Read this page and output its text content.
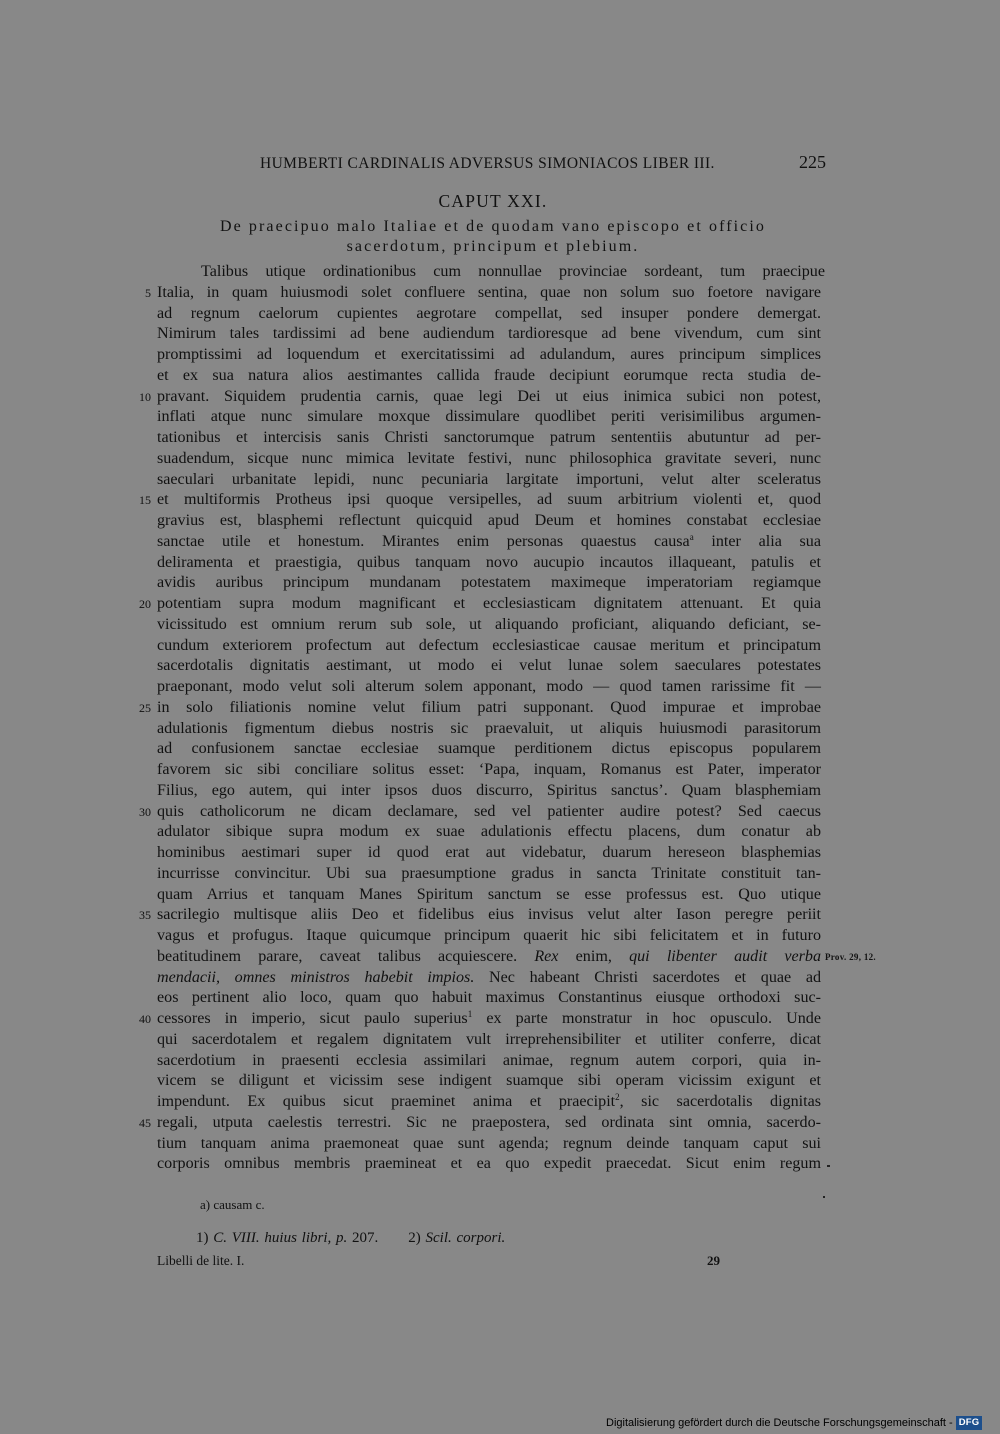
HUMBERTI CARDINALIS ADVERSUS SIMONIACOS LIBER III.	225
CAPUT XXI.
De praecipuo malo Italiae et de quodam vano episcopo et officio
sacerdotum, principum et plebium.
Talibus utique ordinationibus cum nonnullae provinciae sordeant, tum praecipue
5 Italia, in quam huiusmodi solet confluere sentina, quae non solum suo foetore navigare
ad regnum caelorum cupientes aegrotare compellat, sed insuper pondere demergat.
Nimirum tales tardissimi ad bene audiendum tardioresque ad bene vivendum, cum sint
promptissimi ad loquendum et exercitatissimi ad adulandum, aures principum simplices
et ex sua natura alios aestimantes callida fraude decipiunt eorumque recta studia de-
10 pravant. Siquidem prudentia carnis, quae legi Dei ut eius inimica subici non potest,
inflati atque nunc simulare moxque dissimulare quodlibet periti verisimilibus argumen-
tationibus et intercisis sanis Christi sanctorumque patrum sententiis abutuntur ad per-
suadendum, sicque nunc mimica levitate festivi, nunc philosophica gravitate severi, nunc
saeculari urbanitate lepidi, nunc pecuniaria largitate importuni, velut alter sceleratus
15 et multiformis Protheus ipsi quoque versipelles, ad suum arbitrium violenti et, quod
gravius est, blasphemi reflectunt quicquid apud Deum et homines constabat ecclesiae
sanctae utile et honestum. Mirantes enim personas quaestus causa$^a$ inter alia sua
deliramenta et praestigia, quibus tanquam novo aucupio incautos illaqueant, patulis et
avidis auribus principum mundanam potestatem maximeque imperatoriam regiamque
20 potentiam supra modum magnificant et ecclesiasticam dignitatem attenuant. Et quia
vicissitudo est omnium rerum sub sole, ut aliquando proficiant, aliquando deficiant, se-
cundum exteriorem profectum aut defectum ecclesiasticae causae meritum et principatum
sacerdotalis dignitatis aestimant, ut modo ei velut lunae solem saeculares potestates
praeponant, modo velut soli alterum solem apponant, modo — quod tamen rarissime fit —
25 in solo filiationis nomine velut filium patri supponant. Quod impurae et improbae
adulationis figmentum diebus nostris sic praevaluit, ut aliquis huiusmodi parasitorum
ad confusionem sanctae ecclesiae suamque perditionem dictus episcopus popularem
favorem sic sibi conciliare solitus esset: ‘Papa, inquam, Romanus est Pater, imperator
Filius, ego autem, qui inter ipsos duos discurro, Spiritus sanctus’. Quam blasphemiam
30 quis catholicorum ne dicam declamare, sed vel patienter audire potest? Sed caecus
adulator sibique supra modum ex suae adulationis effectu placens, dum conatur ab
hominibus aestimari super id quod erat aut videbatur, duarum hereseon blasphemias
incurrisse convincitur. Ubi sua praesumptione gradus in sancta Trinitate constituit tan-
quam Arrius et tanquam Manes Spiritum sanctum se esse professus est. Quo utique
35 sacrilegio multisque aliis Deo et fidelibus eius invisus velut alter Iason peregre periit
vagus et profugus. Itaque quicumque principum quaerit hic sibi felicitatem et in futuro
beatitudinem parare, caveat talibus acquiescere. Rex enim, qui libenter audit verba Prov. 29, 12.
mendacii, omnes ministros habebit impios. Nec habeant Christi sacerdotes et quae ad
eos pertinent alio loco, quam quo habuit maximus Constantinus eiusque orthodoxi suc-
40 cessores in imperio, sicut paulo superius$^1$ ex parte monstratur in hoc opusculo. Unde
qui sacerdotalem et regalem dignitatem vult irreprehensibiliter et utiliter conferre, dicat
sacerdotium in praesenti ecclesia assimilari animae, regnum autem corpori, quia in-
vicem se diligunt et vicissim sese indigent suamque sibi operam vicissim exigunt et
impendunt. Ex quibus sicut praeminet anima et praecipit$^2$, sic sacerdotalis dignitas
45 regali, utputa caelestis terrestri. Sic ne praepostera, sed ordinata sint omnia, sacerdo-
tium tanquam anima praemoneat quae sunt agenda; regnum deinde tanquam caput sui
corporis omnibus membris praemineat et ea quo expedit praecedat. Sicut enim regum
a) causam c.
1) C. VIII. huius libri, p. 207. 2) Scil. corpori.
Libelli de lite. I.	29
Digitalisierung gefördert durch die Deutsche Forschungsgemeinschaft - DFG
